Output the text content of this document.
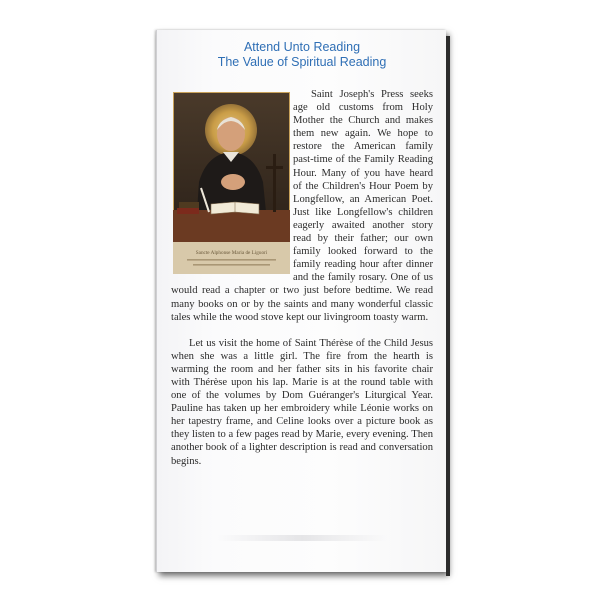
Attend Unto Reading
The Value of Spiritual Reading

Saint Joseph's Press seeks age old customs from Holy Mother the Church and makes them new again. We hope to restore the American family past-time of the Family Reading Hour. Many of you have heard of the Children's Hour Poem by Longfellow, an American Poet. Just like Longfellow's children eagerly awaited another story read by their father; our own family looked forward to the family reading hour after dinner and the family rosary. One of us would read a chapter or two just before bedtime. We read many books on or by the saints and many wonderful classic tales while the wood stove kept our livingroom toasty warm.

Let us visit the home of Saint Thérèse of the Child Jesus when she was a little girl. The fire from the hearth is warming the room and her father sits in his favorite chair with Thérèse upon his lap. Marie is at the round table with one of the volumes by Dom Guéranger's Liturgical Year. Pauline has taken up her embroidery while Léonie works on her tapestry frame, and Celine looks over a picture book as they listen to a few pages read by Marie, every evening. Then another book of a lighter description is read and conversation begins.

Sancte Alphonse Maria de Liguori
